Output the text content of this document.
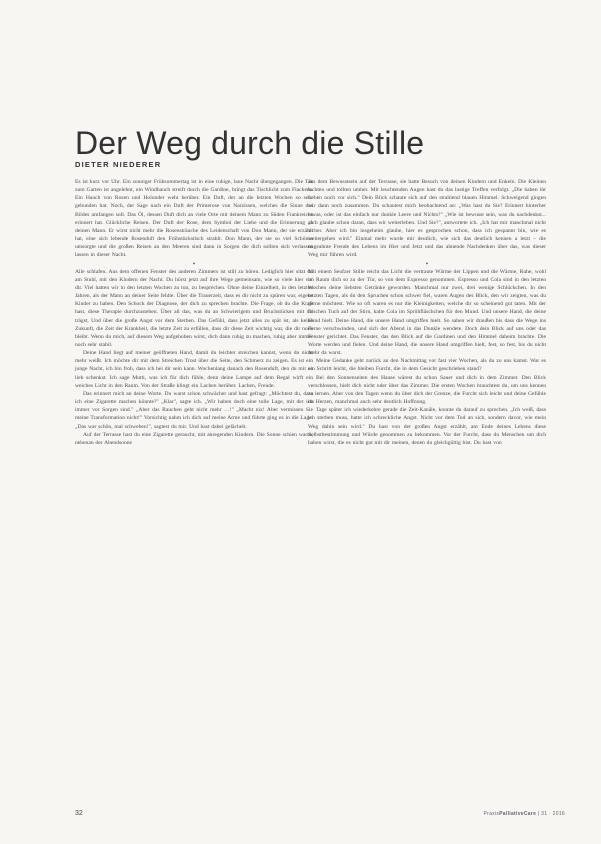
Der Weg durch die Stille
DIETER NIEDERER
Es ist kurz vor Uhr. Ein sonniger Frühsommertag ist in eine ruhige, laue Nacht übergegangen. Die Tür zum Garten ist angelehnt, ein Windhauch streift durch die Gardine, bringt das Tischlicht zum Flackern. Ein Hauch von Rosen und Holunder weht herüber. Ein Duft, der an die letzten Wochen so sehr gebunden hat. Noch, der Sage nach ein Duft der Primerose von Narzissen, welches die Sinne des Bildes umfangen soll. Das Öl, dessen Duft dich an viele Orte mit deinem Mann zu Süden Frankreichs erinnert hat. Glückliche Reisen. Der Duft der Rose, dem Symbol der Liebe und die Erinnerung an deinen Mann. Er wirst nicht mehr die Rosensträuche des Leidenschaft von Don Mann, der sie erzählt hat, eine sich lebende Rosenduft den Frühstückstisch strahlt. Don Mann, der sie so viel Schönes umsorgte und die großen Reisen an den Meeren sind dann in Sorgen die dich sollten sich verlassen lassen in dieser Nacht.
•
Alle schlafen. Aus dem offenen Fenster des anderen Zimmers ist still zu hören. Lediglich hier sitzt du am Stuhl, mit den Kindern der Nacht. Du hörst jetzt auf ihre Wege gemeinsam, wie so viele hier vor dir. Viel hatten wir in den letzten Wochen zu tun, zu besprechen. Ohne deine Einzelheit, in den letzten Jahren, als der Mann an deiner Seite fehlte. Über die Trauerzeit, dass es dir nicht zu spüren war, eigene Kinder zu haben. Den Schock der Diagnose, der dich zu sprechen brachte. Die Frage, ob du die Kraft hast, diese Therapie durchzustehen. Über all das, was du an Schwierigem und Bruchstücken mit dir trägst. Und über die große Angst vor dem Sterben. Das Gefühl, dass jetzt alles zu spät ist, als keine Zukunft, die Zeit der Krankheit, die letzte Zeit zu erfüllen, dass dir diese Zeit wichtig war, die dir noch bleibt. Wenn du mich, auf diesem Weg aufgehoben wirst, dich dann ruhig zu machen, ruhig aber immer noch sehr stabil.
Deine Hand liegt auf meiner geöffneten Hand, damit du leichter streichen kannst, wenn du nicht mehr weißt. Ich möchte dir mit dem Streichen Trost über die Seite, den Schmerz zu zeigen. Es ist ein junge Nacht, ich bin froh, dass ich bei dir sein kann. Wochenlang danach den Rosenduft, den du mir so lieb schenkst. Ich sage Mutti, was ich für dich fühle, denn deine Lampe auf dem Regal wirft ein weiches Licht in den Raum. Von der Straße klingt ein Lachen herüber. Lachen, Freude.
Das erinnert mich an deine Worte. Du warst schon schwächer und hast gefragt: „Möchtest du, dass ich eine Zigarette machen könnte?" „Klar", sagte ich. „Wir haben doch eine tolle Lage, mit der ich immer vor Sorgen sind." „Aber das Rauchen geht nicht mehr …!" „Macht nix! Aber vermissen Sie meine Transformation nicht!" Vorsichtig nahm ich dich auf meine Arme und führte ging es in die Lage. „Das war schön, mal schweben!", sagtest du mir. Und hast dabei gelächelt.
Auf der Terrasse hast du eine Zigarette geraucht, mit anregenden Kindern. Die Sonne schien warm, nebenan der Abendsonne
aus dem Bewusstsein auf der Terrasse, sie hatte Besuch von deinen Kindern und Enkeln. Die Kleinen lachten und tollten umher. Mit leuchtenden Augen hast du das lustige Treffen verfolgt. „Die haben ihr Leben noch vor sich." Dein Blick schaute sich auf den strahlend blauen Himmel. Schweigend gingen wir dann noch zusammen. Du schautest mich beobachtend an: „Was hast du Sie? Erinnert hinterher etwas, oder ist das einfach nur dunkle Leere und Nichts?" „Wie ist bewusst sein, was du nachdenkst... „Ich glaube schon daran, dass wir weiterleben. Und Sie?", antwortete ich. „Ich hat mir manchmal nicht sicher. Aber ich bin insgeheim glaube, hier es gesprochen schon, dass ich gespannt bin, wie es weitergehen wird." Einmal mehr wurde mir deutlich, wie sich das deutlich kennen a letzt – die ungeahnte Freude des Lebens im Hier und Jetzt und das ahnende Nachdenken über das, was dieser Weg mir führen wird.
•
Mit einem Seufzer Stille reicht das Licht die vertraute Wärme der Lippen und die Wärme, Ruhe, wohl im Raum dich so zu der Tür, so von dem Expresso genommen. Espresso und Cola sind in den letzten Wochen deine liebsten Getränke geworden. Manchmal nur zwei, drei wenige Schlückchen. In den letzten Tagen, als du den Spruchen schon schwer fiel, waren Augen des Blick, den wir zeigten, was du gerne möchtest. Wie so oft waren es nur die Kleinigkeiten, welche dir so scheinend gut taten. Mit der frischen Tuch auf der Stirn, kalte Cola im Sprühfläschchen für den Mund. Und unsere Hand, die deine Hand hielt. Deine Hand, die unsere Hand umgriffen hielt. So sahen wir draußen bis dass die Wege ins Ferne verschwinden, und sich der Abend in das Dunkle wendete. Doch dein Blick auf uns oder das Fenster gerichtet. Das Fenster, das den Blick auf die Gardinen und den Himmel daheim brachte. Die Worte werden und fielen. Und deine Hand, die unsere Hand umgriffen hielt, fest, so fest, bis du nicht mehr da warst.
Meine Gedanke geht zurück an den Nachmittag vor fast vier Wochen, als du zu uns kamst. War es ein Schritt leicht, die bleiben Furcht, die in dem Gesicht geschrieben stand?
Bei den Sonnenseiten des Hause wärest du schon Sauer und dich in dem Zimmer. Den Blick verschlossen, hielt dich nicht oder über das Zimmer. Die ersten Wochen brauchtest du, um uns kennen zu lernen. Aber von den Tagen wenn du über dich der Grenze, die Furcht sich leicht und deine Gefühle im Herzen, manchmal auch sehr deutlich Hoffnung.
Tage später ich wiederkehre gerade die Zeit-Kanäle, konnte du darauf zu sprechen. „Ich weiß, dass ich sterben muss, hatte ich schreckliche Angst. Nicht vor dem Tod an sich, sondern davor, wie mein Weg dahin sein wird." Du hast von der großen Angst erzählt, am Ende deines Lebens diese Selbstbestimmung und Würde genommen zu bekommen. Vor der Furcht, dass du Menschen um dich haben wirst, die es nicht gut mit dir meinen, denen du gleichgültig bist. Du hast von
32	PraxisPalliativeCare | 31 · 2016
